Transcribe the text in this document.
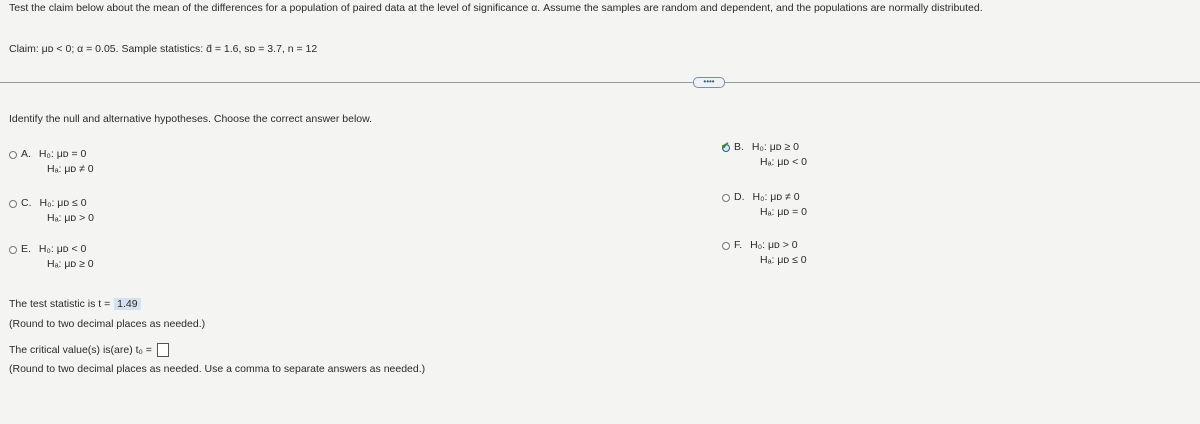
Test the claim below about the mean of the differences for a population of paired data at the level of significance α. Assume the samples are random and dependent, and the populations are normally distributed.
Claim: μᴅ < 0; α = 0.05. Sample statistics: d̄ = 1.6, sᴅ = 3.7, n = 12
••••
Identify the null and alternative hypotheses. Choose the correct answer below.
A. H₀: μᴅ = 0
Hₐ: μᴅ ≠ 0
✔ B. H₀: μᴅ ≥ 0
Hₐ: μᴅ < 0
C. H₀: μᴅ ≤ 0
Hₐ: μᴅ > 0
D. H₀: μᴅ ≠ 0
Hₐ: μᴅ = 0
E. H₀: μᴅ < 0
Hₐ: μᴅ ≥ 0
F. H₀: μᴅ > 0
Hₐ: μᴅ ≤ 0
The test statistic is t = 1.49
(Round to two decimal places as needed.)
The critical value(s) is(are) t₀ =
(Round to two decimal places as needed. Use a comma to separate answers as needed.)
